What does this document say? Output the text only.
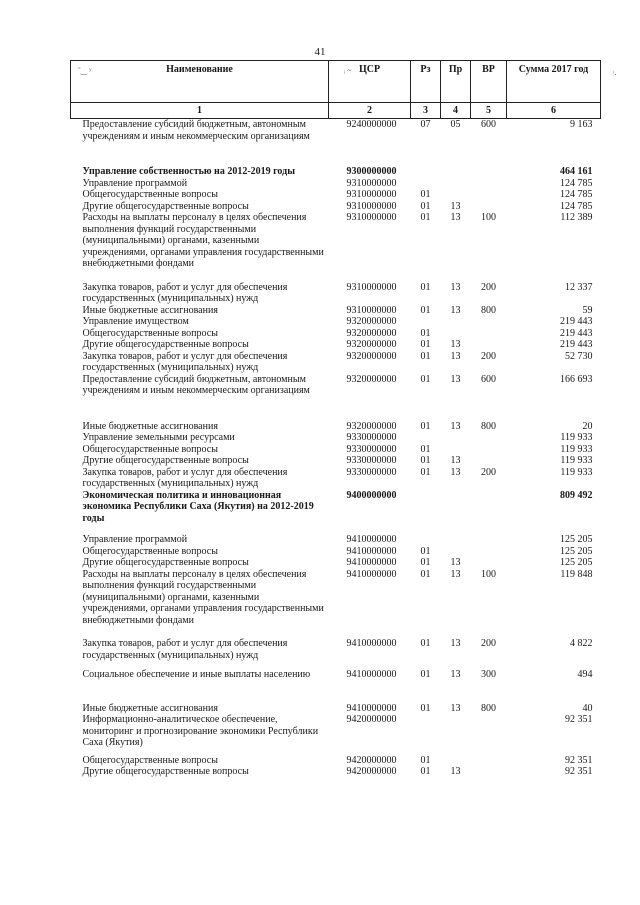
41
˜‿ ʸ	ᵢ ~	·.
Наименование	ЦСР	Рз	Пр	ВР	Сумма 2017 год
1	2	3	4	5	6
Предоставление субсидий бюджетным, автономным учреждениям и иным некоммерческим организациям	9240000000	07	05	600	9 163

Управление собственностью на 2012-2019 годы	9300000000				464 161
Управление программой	9310000000				124 785
Общегосударственные вопросы	9310000000	01			124 785
Другие общегосударственные вопросы	9310000000	01	13		124 785
Расходы на выплаты персоналу в целях обеспечения выполнения функций государственными (муниципальными) органами, казенными учреждениями, органами управления государственными внебюджетными фондами	9310000000	01	13	100	112 389

Закупка товаров, работ и услуг для обеспечения государственных (муниципальных) нужд	9310000000	01	13	200	12 337
Иные бюджетные ассигнования	9310000000	01	13	800	59
Управление имуществом	9320000000				219 443
Общегосударственные вопросы	9320000000	01			219 443
Другие общегосударственные вопросы	9320000000	01	13		219 443
Закупка товаров, работ и услуг для обеспечения государственных (муниципальных) нужд	9320000000	01	13	200	52 730
Предоставление субсидий бюджетным, автономным учреждениям и иным некоммерческим организациям	9320000000	01	13	600	166 693

Иные бюджетные ассигнования	9320000000	01	13	800	20
Управление земельными ресурсами	9330000000				119 933
Общегосударственные вопросы	9330000000	01			119 933
Другие общегосударственные вопросы	9330000000	01	13		119 933
Закупка товаров, работ и услуг для обеспечения государственных (муниципальных) нужд	9330000000	01	13	200	119 933
Экономическая политика и инновационная экономика Республики Саха (Якутия) на 2012-2019 годы	9400000000				809 492

Управление программой	9410000000				125 205
Общегосударственные вопросы	9410000000	01			125 205
Другие общегосударственные вопросы	9410000000	01	13		125 205
Расходы на выплаты персоналу в целях обеспечения выполнения функций государственными (муниципальными) органами, казенными учреждениями, органами управления государственными внебюджетными фондами	9410000000	01	13	100	119 848

Закупка товаров, работ и услуг для обеспечения государственных (муниципальных) нужд	9410000000	01	13	200	4 822

Социальное обеспечение и иные выплаты населению	9410000000	01	13	300	494

Иные бюджетные ассигнования	9410000000	01	13	800	40
Информационно-аналитическое обеспечение, мониторинг и прогнозирование экономики Республики Саха (Якутия)	9420000000				92 351

Общегосударственные вопросы	9420000000	01			92 351
Другие общегосударственные вопросы	9420000000	01	13		92 351
